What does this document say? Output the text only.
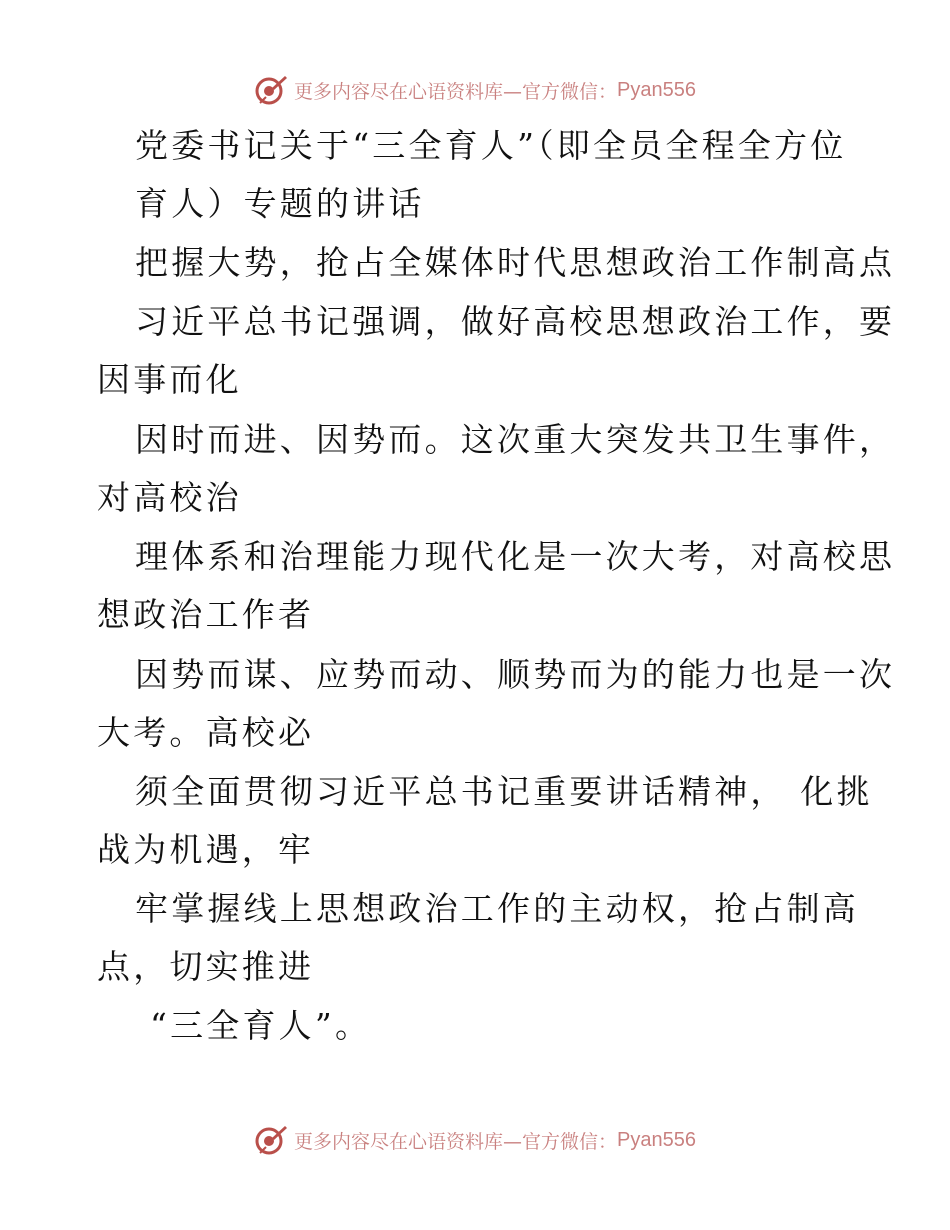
更多内容尽在心语资料库—官方微信： Pyan556
党委书记关于“三全育人”（即全员全程全方位
育人）专题的讲话
把握大势，抢占全媒体时代思想政治工作制高点
习近平总书记强调，做好高校思想政治工作，要
因事而化
因时而进、因势而。这次重大突发共卫生事件，
对高校治
理体系和治理能力现代化是一次大考，对高校思
想政治工作者
因势而谋、应势而动、顺势而为的能力也是一次
大考。高校必
须全面贯彻习近平总书记重要讲话精神， 化挑
战为机遇，牢
牢掌握线上思想政治工作的主动权，抢占制高
点，切实推进
“三全育人”。
更多内容尽在心语资料库—官方微信： Pyan556
